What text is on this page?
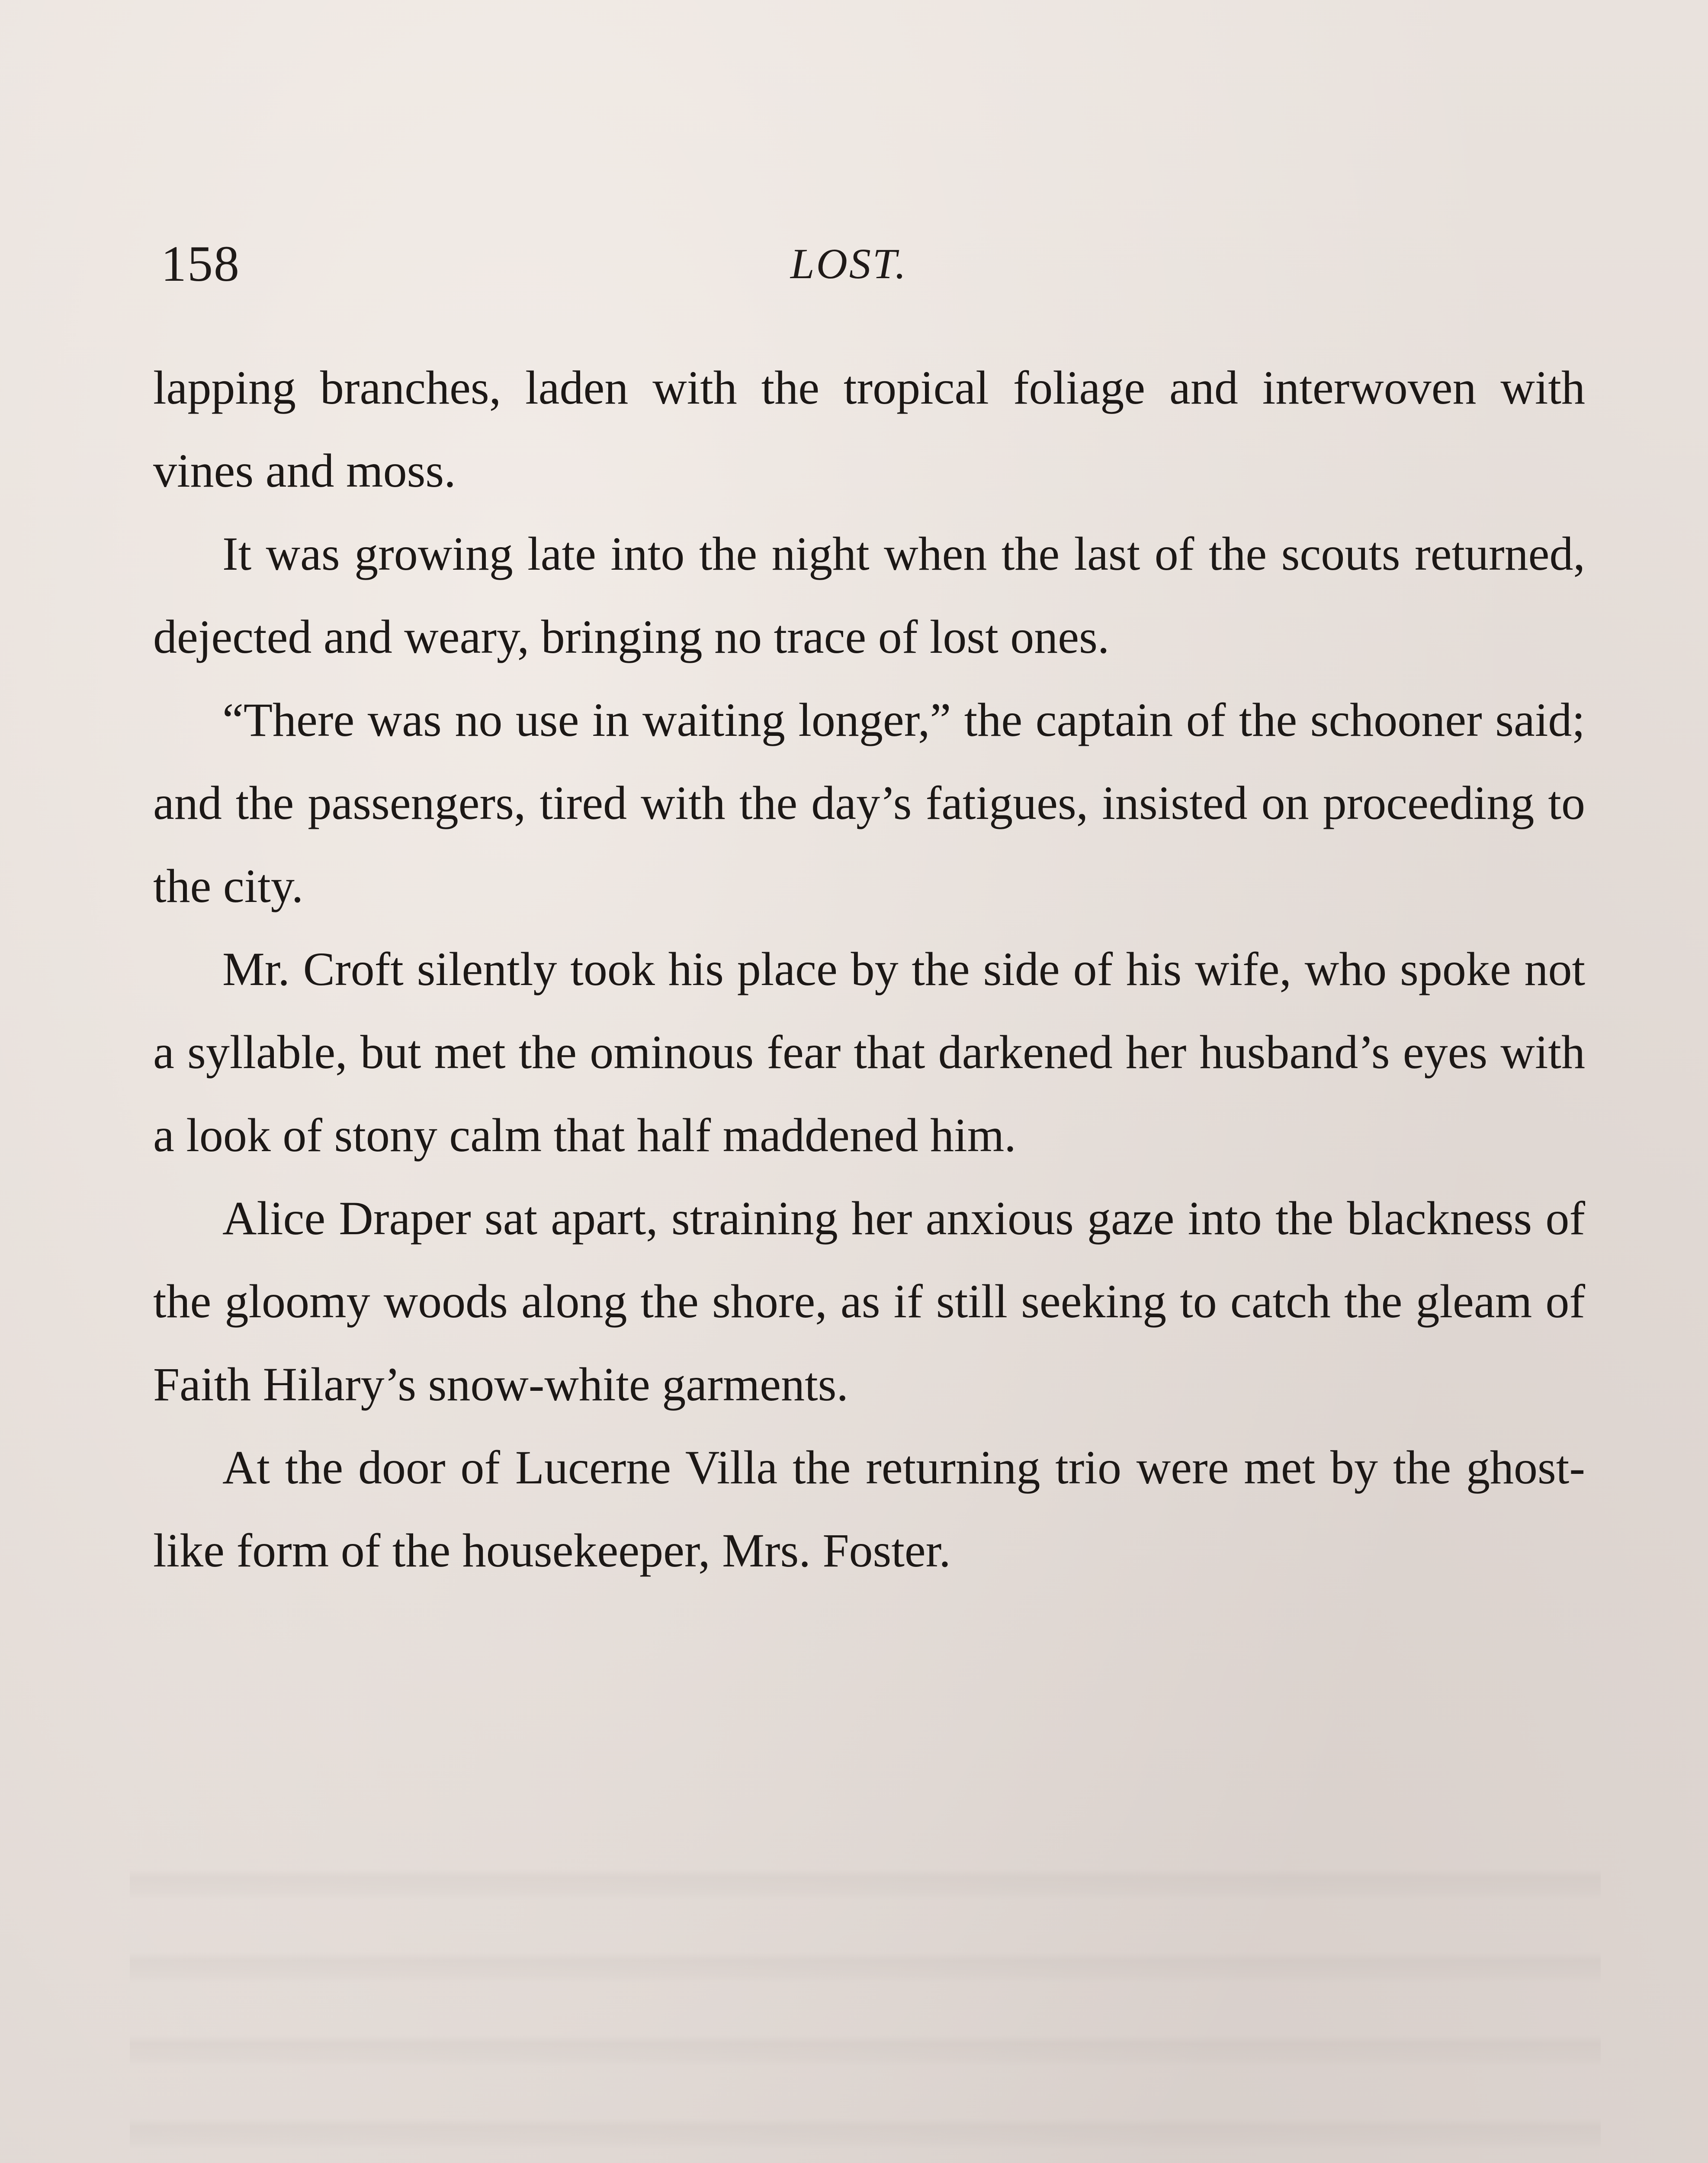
158	LOST.

lapping branches, laden with the tropical foliage and interwoven with vines and moss.

It was growing late into the night when the last of the scouts returned, dejected and weary, bringing no trace of lost ones.

“There was no use in waiting longer,” the captain of the schooner said; and the passengers, tired with the day’s fatigues, insisted on proceeding to the city.

Mr. Croft silently took his place by the side of his wife, who spoke not a syllable, but met the ominous fear that darkened her husband’s eyes with a look of stony calm that half maddened him.

Alice Draper sat apart, straining her anxious gaze into the blackness of the gloomy woods along the shore, as if still seeking to catch the gleam of Faith Hilary’s snow-white garments.

At the door of Lucerne Villa the returning trio were met by the ghost-like form of the housekeeper, Mrs. Foster.
